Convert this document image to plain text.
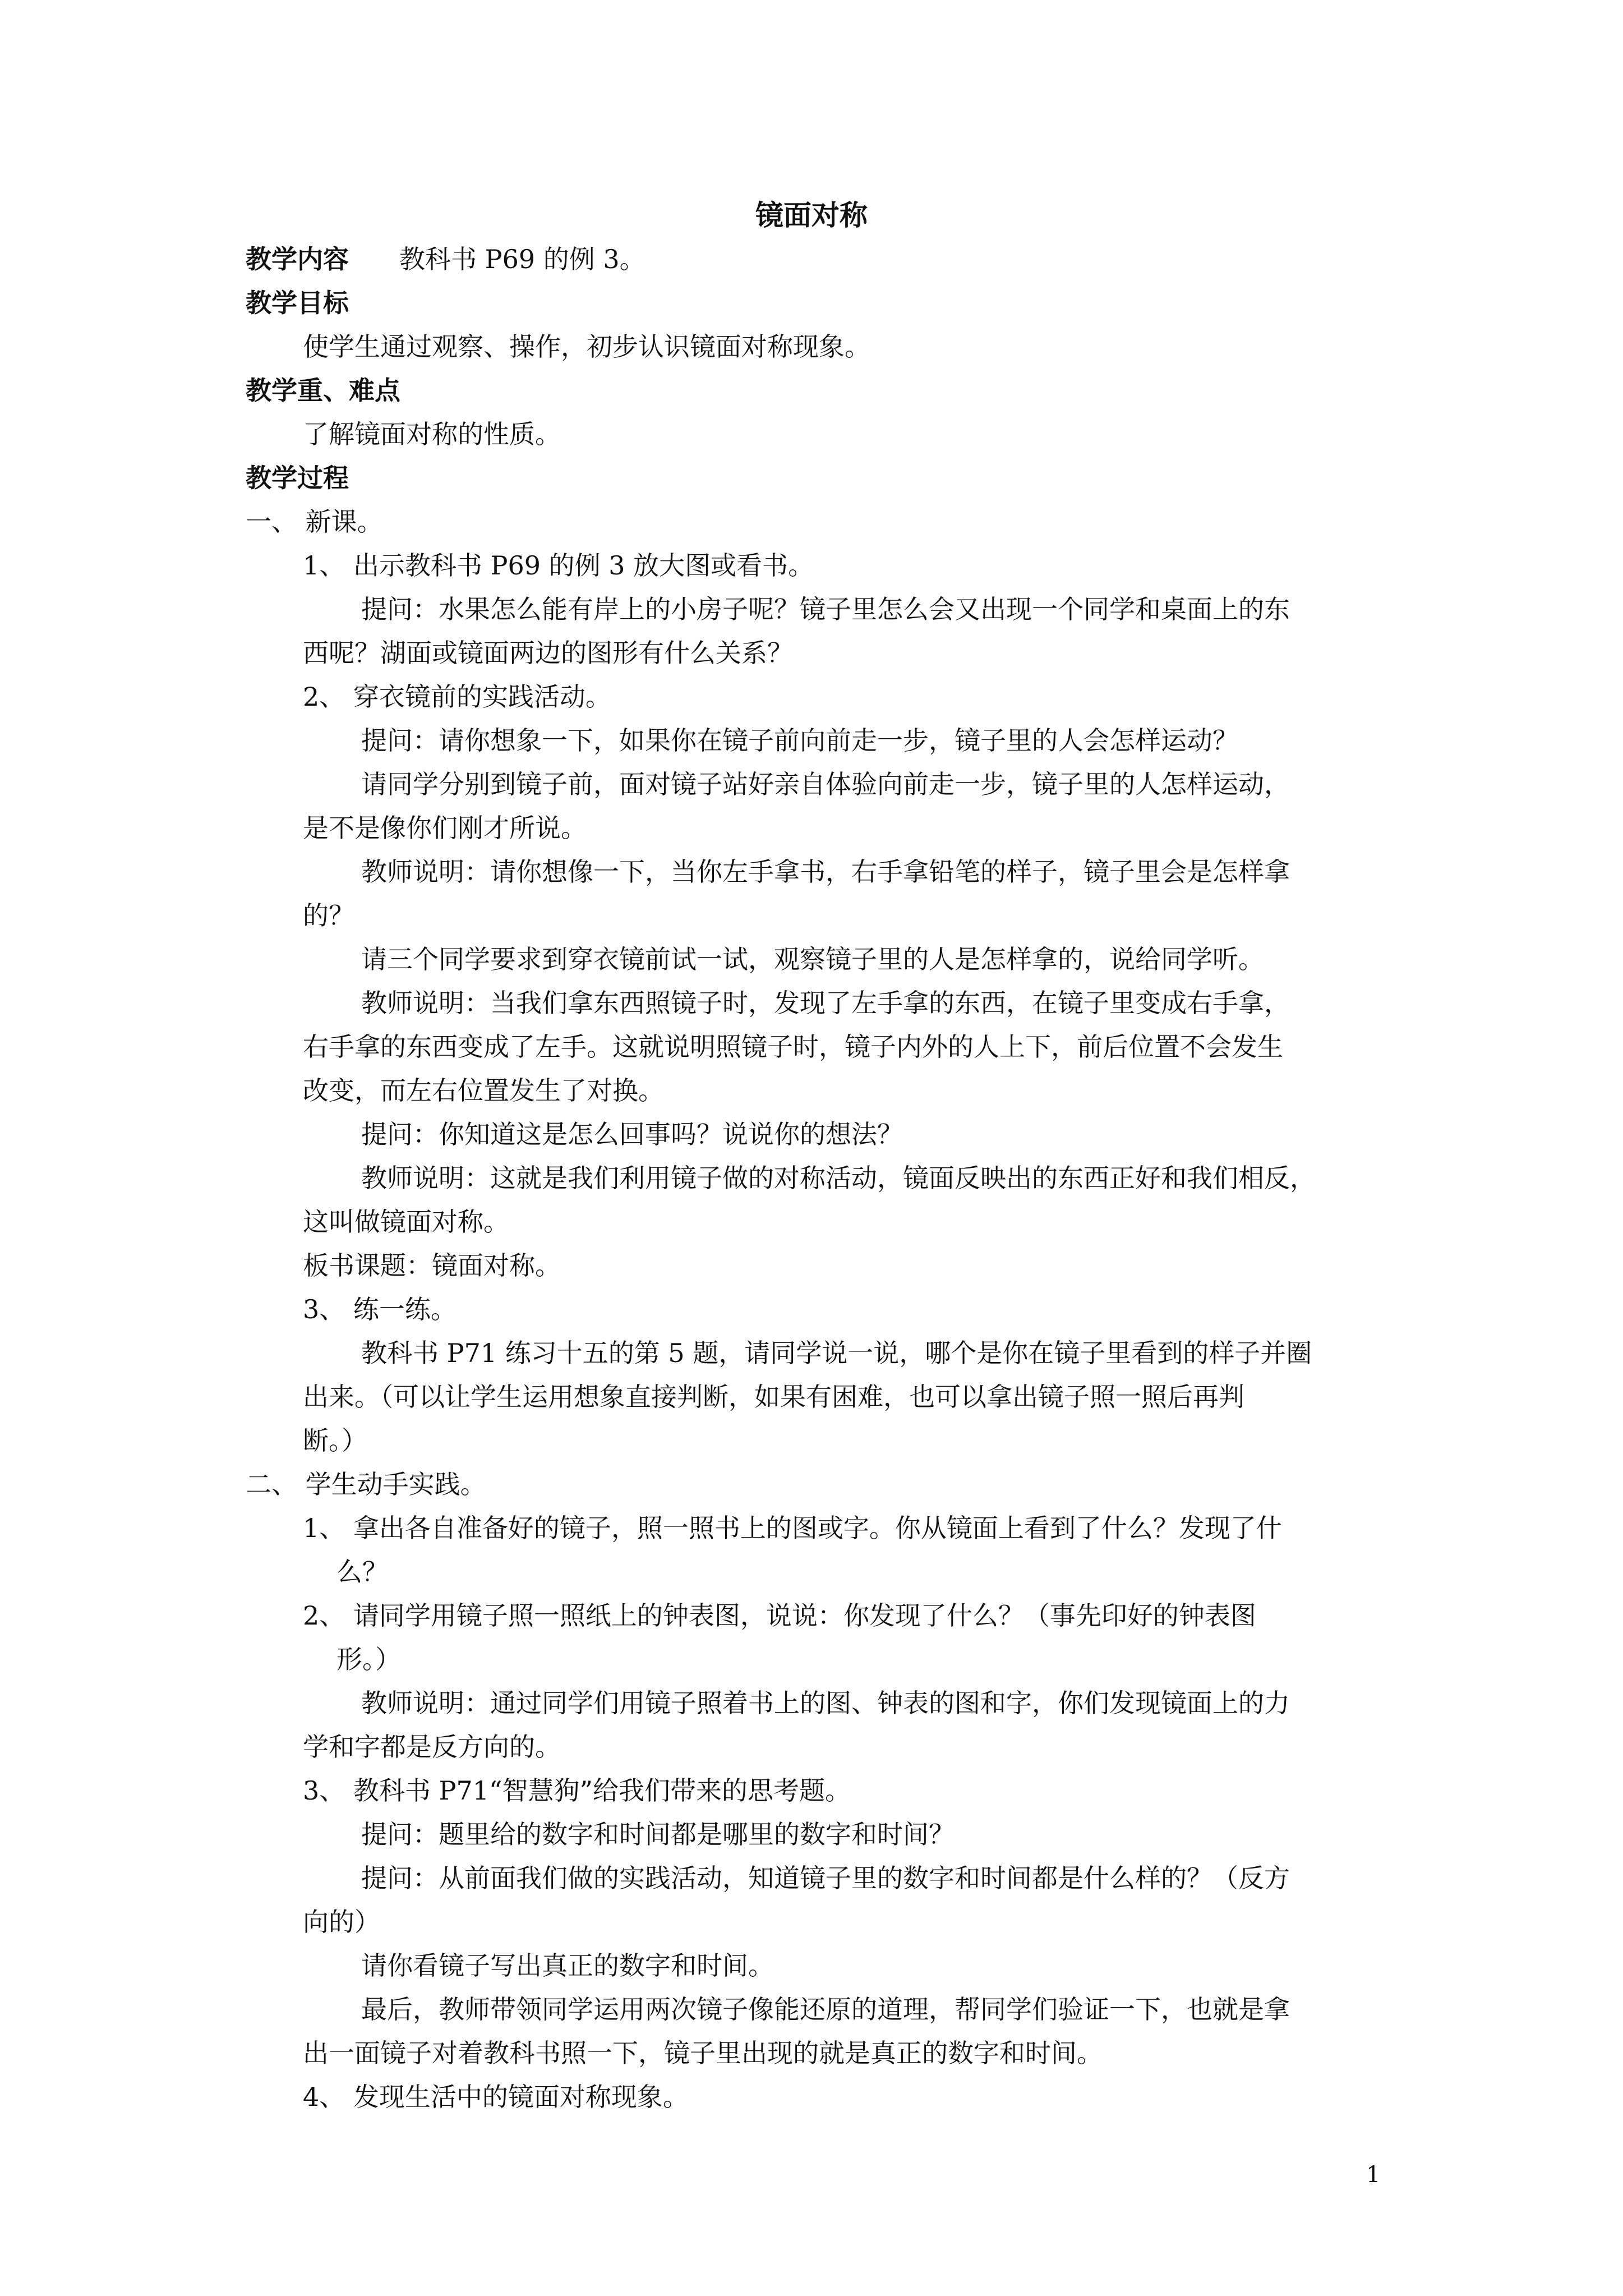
镜面对称
教学内容 教科书 P69 的例 3。
教学目标
使学生通过观察、操作，初步认识镜面对称现象。
教学重、难点
了解镜面对称的性质。
教学过程
一、 新课。
1、 出示教科书 P69 的例 3 放大图或看书。
提问：水果怎么能有岸上的小房子呢？镜子里怎么会又出现一个同学和桌面上的东
西呢？湖面或镜面两边的图形有什么关系？
2、 穿衣镜前的实践活动。
提问：请你想象一下，如果你在镜子前向前走一步，镜子里的人会怎样运动？
请同学分别到镜子前，面对镜子站好亲自体验向前走一步，镜子里的人怎样运动，
是不是像你们刚才所说。
教师说明：请你想像一下，当你左手拿书，右手拿铅笔的样子，镜子里会是怎样拿
的？
请三个同学要求到穿衣镜前试一试，观察镜子里的人是怎样拿的，说给同学听。
教师说明：当我们拿东西照镜子时，发现了左手拿的东西，在镜子里变成右手拿，
右手拿的东西变成了左手。这就说明照镜子时，镜子内外的人上下，前后位置不会发生
改变，而左右位置发生了对换。
提问：你知道这是怎么回事吗？说说你的想法？
教师说明：这就是我们利用镜子做的对称活动，镜面反映出的东西正好和我们相反，
这叫做镜面对称。
板书课题：镜面对称。
3、 练一练。
教科书 P71 练习十五的第 5 题，请同学说一说，哪个是你在镜子里看到的样子并圈
出来。（可以让学生运用想象直接判断，如果有困难，也可以拿出镜子照一照后再判
断。）
二、 学生动手实践。
1、 拿出各自准备好的镜子，照一照书上的图或字。你从镜面上看到了什么？发现了什
么？
2、 请同学用镜子照一照纸上的钟表图，说说：你发现了什么？（事先印好的钟表图
形。）
教师说明：通过同学们用镜子照着书上的图、钟表的图和字，你们发现镜面上的力
学和字都是反方向的。
3、 教科书 P71“智慧狗”给我们带来的思考题。
提问：题里给的数字和时间都是哪里的数字和时间？
提问：从前面我们做的实践活动，知道镜子里的数字和时间都是什么样的？（反方
向的）
请你看镜子写出真正的数字和时间。
最后，教师带领同学运用两次镜子像能还原的道理，帮同学们验证一下，也就是拿
出一面镜子对着教科书照一下，镜子里出现的就是真正的数字和时间。
4、 发现生活中的镜面对称现象。
1
